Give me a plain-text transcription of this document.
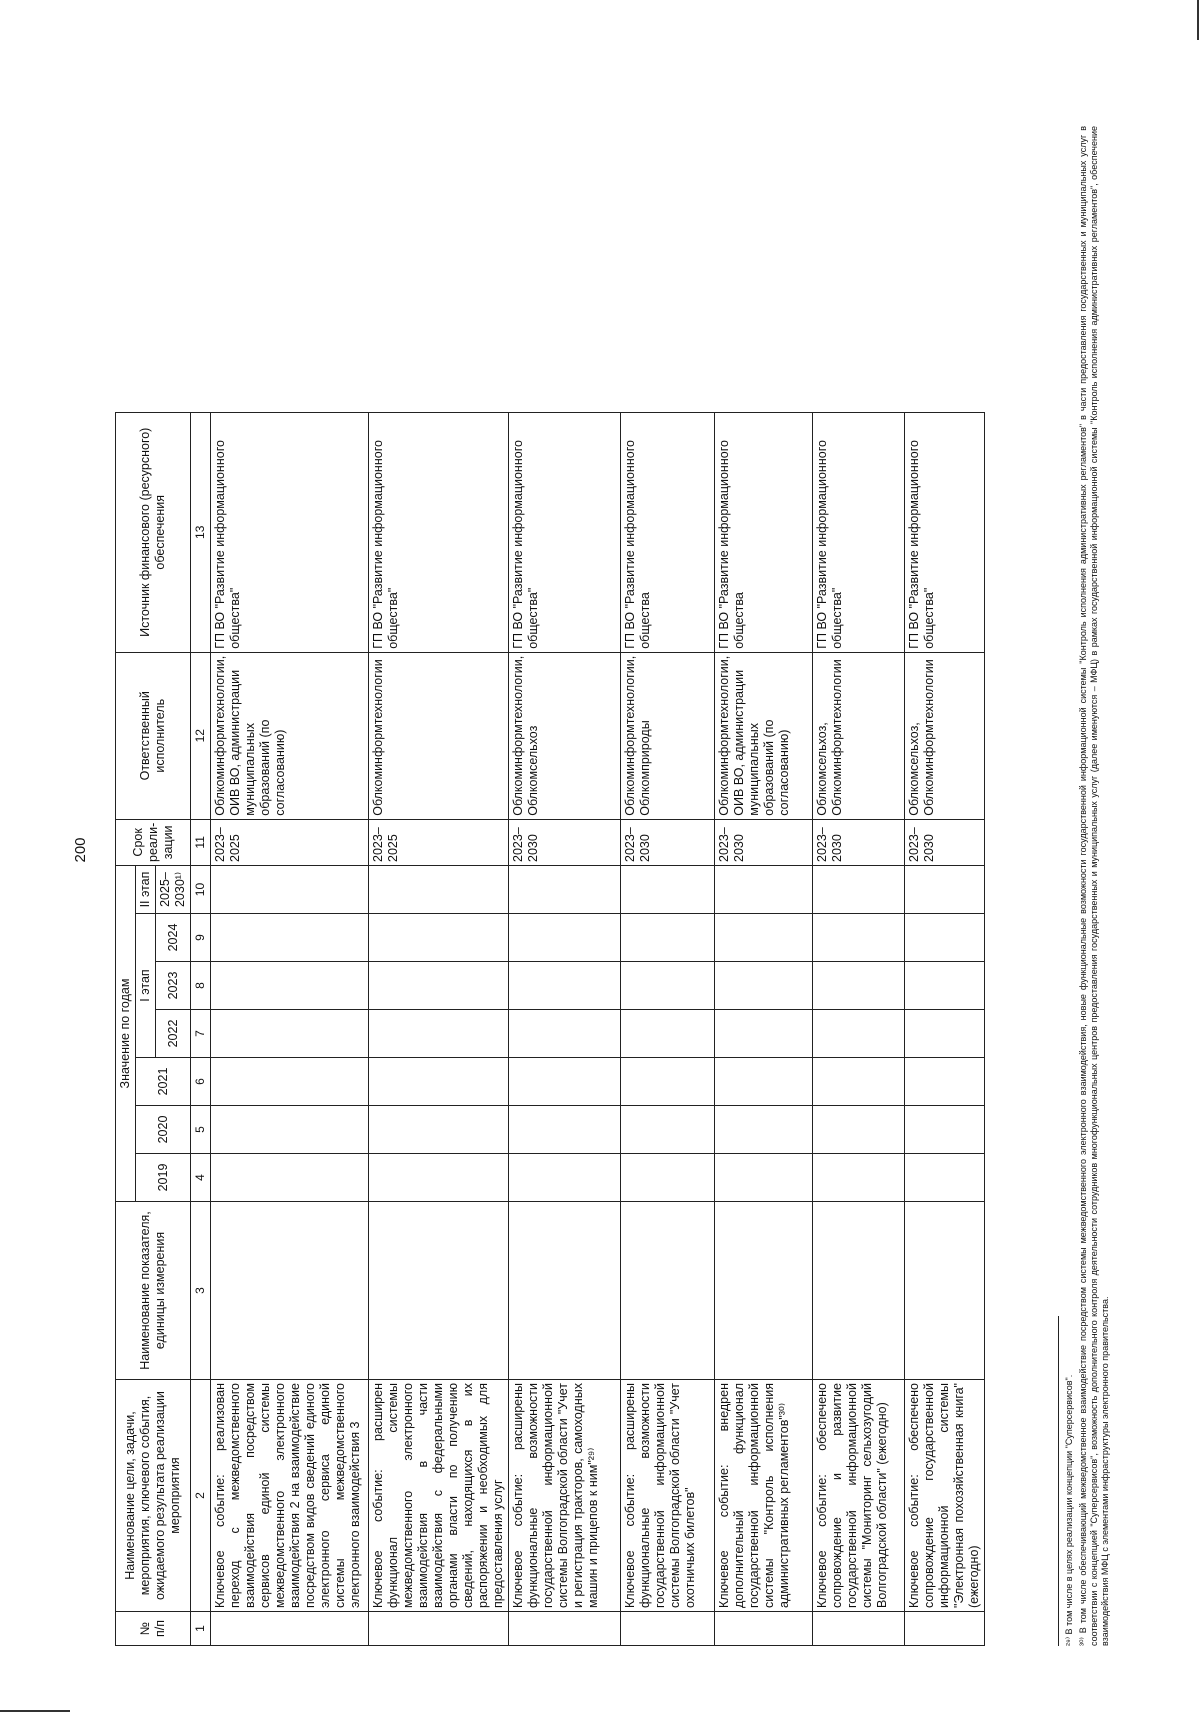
200
№ п/п	Наименование цели, задачи, мероприятия, ключевого события, ожидаемого результата реализации мероприятия	Наименование показателя, единицы измерения	Значение по годам							Срок реали-зации	Ответственный исполнитель	Источник финансового (ресурсного) обеспечения
			2019	2020	2021	I этап			II этап			
						2022	2023	2024	2025–2030¹⁾			
1	2	3	4	5	6	7	8	9	10	11	12	13
	Ключевое событие: реализован переход с межведомственного взаимодействия посредством сервисов единой системы межведомственного электронного взаимодействия 2 на взаимодействие посредством видов сведений единого электронного сервиса единой системы межведомственного электронного взаимодействия 3									2023–2025	Облкоминформтехнологии, ОИВ ВО, администрации муниципальных образований (по согласованию)	ГП ВО "Развитие информационного общества"
	Ключевое событие: расширен функционал системы межведомственного электронного взаимодействия в части взаимодействия с федеральными органами власти по получению сведений, находящихся в их распоряжении и необходимых для предоставления услуг									2023–2025	Облкоминформтехнологии	ГП ВО "Развитие информационного общества"
	Ключевое событие: расширены функциональные возможности государственной информационной системы Волгоградской области "Учет и регистрация тракторов, самоходных машин и прицепов к ним"²⁹⁾									2023–2030	Облкоминформтехнологии, Облкомсельхоз	ГП ВО "Развитие информационного общества"
	Ключевое событие: расширены функциональные возможности государственной информационной системы Волгоградской области "Учет охотничьих билетов"									2023–2030	Облкоминформтехнологии, Облкомприроды	ГП ВО "Развитие информационного общества
	Ключевое событие: внедрен дополнительный функционал государственной информационной системы "Контроль исполнения административных регламентов"³⁰⁾									2023–2030	Облкоминформтехнологии, ОИВ ВО, администрации муниципальных образований (по согласованию)	ГП ВО "Развитие информационного общества
	Ключевое событие: обеспечено сопровождение и развитие государственной информационной системы "Мониторинг сельхозугодий Волгоградской области" (ежегодно)									2023–2030	Облкомсельхоз, Облкоминформтехнологии	ГП ВО "Развитие информационного общества"
	Ключевое событие: обеспечено сопровождение государственной информационной системы "Электронная похозяйственная книга" (ежегодно)									2023–2030	Облкомсельхоз, Облкоминформтехнологии	ГП ВО "Развитие информационного общества"
²⁹⁾ В том числе в целях реализации концепции "Суперсервисов". ³⁰⁾ В том числе обеспечивающий межведомственное взаимодействие посредством системы межведомственного электронного взаимодействия, новые функциональные возможности государственной информационной системы "Контроль исполнения административных регламентов" в части предоставления государственных и муниципальных услуг в соответствии с концепцией "Суперсервисов", возможность дополнительного контроля деятельности сотрудников многофункциональных центров предоставления государственных и муниципальных услуг (далее именуются – МФЦ) в рамках государственной информационной системы "Контроль исполнения административных регламентов", обеспечение взаимодействия МФЦ с элементами инфраструктуры электронного правительства.
